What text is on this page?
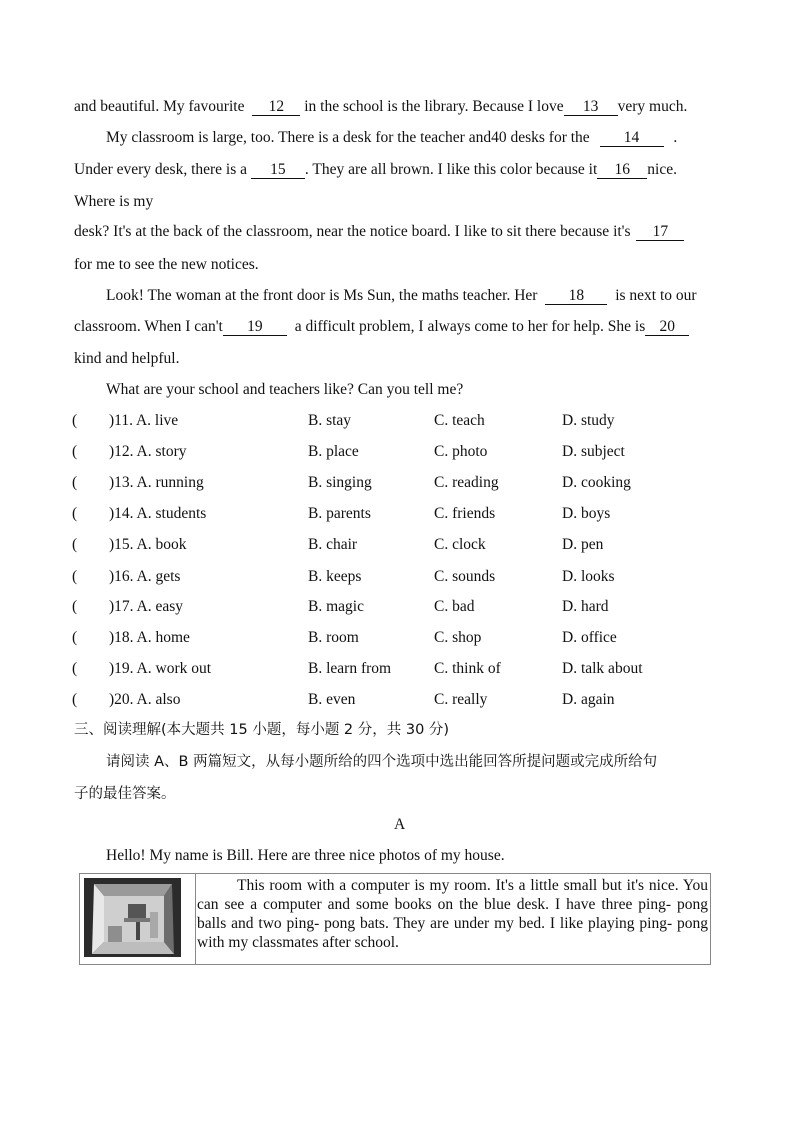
and beautiful. My favourite 12 in the school is the library. Because I love 13 very much.
My classroom is large, too. There is a desk for the teacher and40 desks for the 14 .
Under every desk, there is a 15 . They are all brown. I like this color because it 16 nice.
Where is my
desk? It's at the back of the classroom, near the notice board. I like to sit there because it's 17
for me to see the new notices.
Look! The woman at the front door is Ms Sun, the maths teacher. Her 18 is next to our
classroom. When I can't 19 a difficult problem, I always come to her for help. She is 20
kind and helpful.
What are your school and teachers like? Can you tell me?
( )11. A. live	B. stay	C. teach	D. study
( )12. A. story	B. place	C. photo	D. subject
( )13. A. running	B. singing	C. reading	D. cooking
( )14. A. students	B. parents	C. friends	D. boys
( )15. A. book	B. chair	C. clock	D. pen
( )16. A. gets	B. keeps	C. sounds	D. looks
( )17. A. easy	B. magic	C. bad	D. hard
( )18. A. home	B. room	C. shop	D. office
( )19. A. work out	B. learn from	C. think of	D. talk about
( )20. A. also	B. even	C. really	D. again
三、阅读理解(本大题共 15 小题，每小题 2 分，共 30 分)
请阅读 A、B 两篇短文，从每小题所给的四个选项中选出能回答所提问题或完成所给句
子的最佳答案。
A
Hello! My name is Bill. Here are three nice photos of my house.
This room with a computer is my room. It's a little small but it's nice. You can see a computer and some books on the blue desk. I have three ping- pong balls and two ping- pong bats. They are under my bed. I like playing ping- pong with my classmates after school.
